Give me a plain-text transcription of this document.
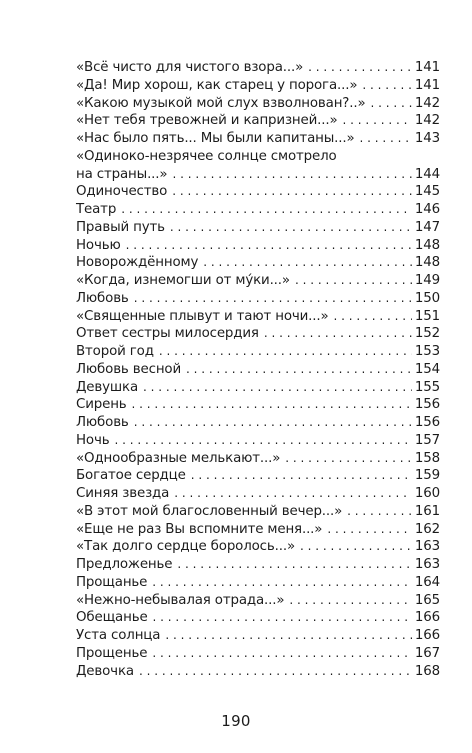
«Всё чисто для чистого взора...» . . .	141
«Да! Мир хорош, как старец у порога...» . . .	141
«Какою музыкой мой слух взволнован?..» . . .	142
«Нет тебя тревожней и капризней...» . . .	142
«Нас было пять... Мы были капитаны...» . . .	143
«Одиноко-незрячее солнце смотрело
на страны...» . . .	144
Одиночество . . .	145
Театр . . .	146
Правый путь . . .	147
Ночью . . .	148
Новорождённому . . .	148
«Когда, изнемогши от мýки...» . . .	149
Любовь . . .	150
«Священные плывут и тают ночи...» . . .	151
Ответ сестры милосердия . . .	152
Второй год . . .	153
Любовь весной . . .	154
Девушка . . .	155
Сирень . . .	156
Любовь . . .	156
Ночь . . .	157
«Однообразные мелькают...» . . .	158
Богатое сердце . . .	159
Синяя звезда . . .	160
«В этот мой благословенный вечер...» . . .	161
«Еще не раз Вы вспомните меня...» . . .	162
«Так долго сердце боролось...» . . .	163
Предложенье . . .	163
Прощанье . . .	164
«Нежно-небывалая отрада...» . . .	165
Обещанье . . .	166
Уста солнца . . .	166
Прощенье . . .	167
Девочка . . .	168
190
